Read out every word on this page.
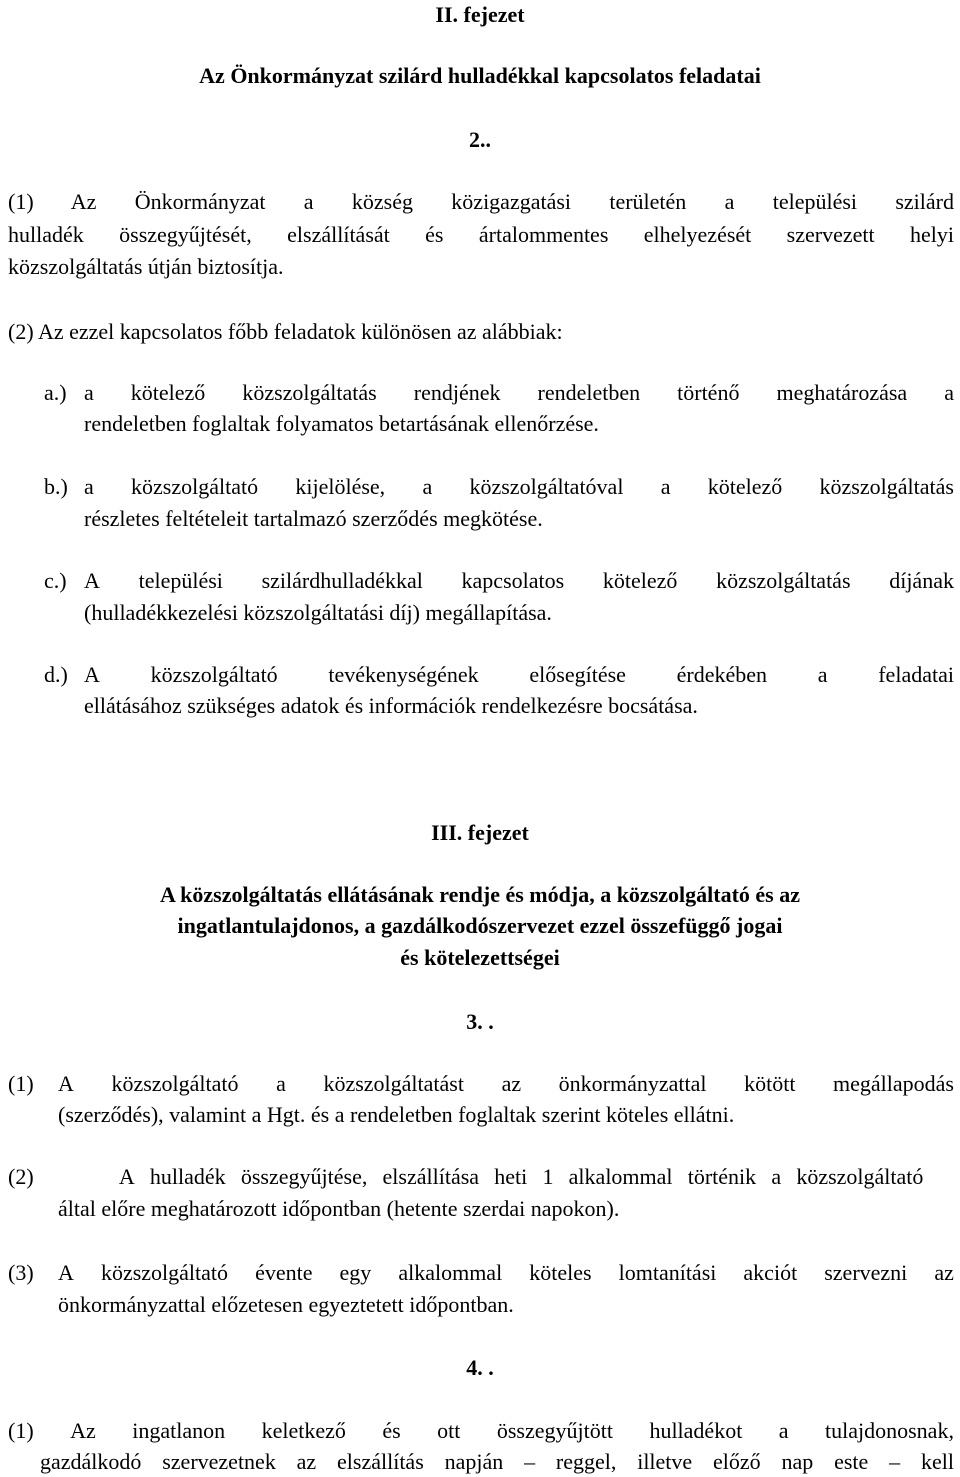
II. fejezet
Az Önkormányzat szilárd hulladékkal kapcsolatos feladatai
2..
(1) Az Önkormányzat a község közigazgatási területén a települési szilárd
hulladék összegyűjtését, elszállítását és ártalommentes elhelyezését szervezett helyi
közszolgáltatás útján biztosítja.
(2) Az ezzel kapcsolatos főbb feladatok különösen az alábbiak:
a.) a kötelező közszolgáltatás rendjének rendeletben történő meghatározása a
rendeletben foglaltak folyamatos betartásának ellenőrzése.
b.) a közszolgáltató kijelölése, a közszolgáltatóval a kötelező közszolgáltatás
részletes feltételeit tartalmazó szerződés megkötése.
c.) A települési szilárdhulladékkal kapcsolatos kötelező közszolgáltatás díjának
(hulladékkezelési közszolgáltatási díj) megállapítása.
d.) A közszolgáltató tevékenységének elősegítése érdekében a feladatai
ellátásához szükséges adatok és információk rendelkezésre bocsátása.
III. fejezet
A közszolgáltatás ellátásának rendje és módja, a közszolgáltató és az
ingatlantulajdonos, a gazdálkodószervezet ezzel összefüggő jogai
és kötelezettségei
3. .
(1) A közszolgáltató a közszolgáltatást az önkormányzattal kötött megállapodás
(szerződés), valamint a Hgt. és a rendeletben foglaltak szerint köteles ellátni.
(2)	A hulladék összegyűjtése, elszállítása heti 1 alkalommal történik a közszolgáltató
által előre meghatározott időpontban (hetente szerdai napokon).
(3) A közszolgáltató évente egy alkalommal köteles lomtanítási akciót szervezni az
önkormányzattal előzetesen egyeztetett időpontban.
4. .
(1) Az ingatlanon keletkező és ott összegyűjtött hulladékot a tulajdonosnak,
gazdálkodó szervezetnek az elszállítás napján – reggel, illetve előző nap este – kell
